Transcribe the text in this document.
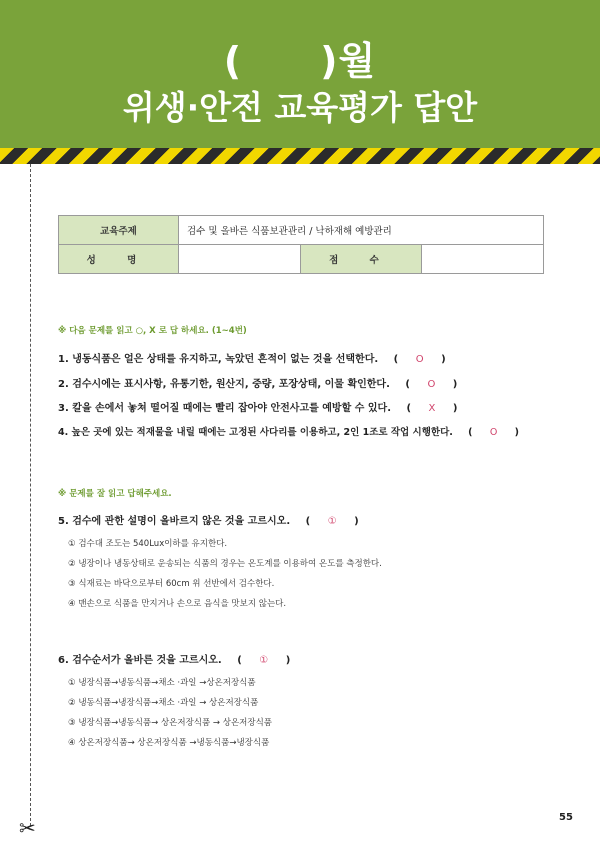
( )월
위생·안전 교육평가 답안
✂
교육주제	검수 및 올바른 식품보관관리 / 낙하재해 예방관리		
성 명		점 수	
※ 다음 문제를 읽고 ○, X 로 답 하세요. (1~4번)
1. 냉동식품은 얼은 상태를 유지하고, 녹았던 흔적이 없는 것을 선택한다. ( O )
2. 검수시에는 표시사항, 유통기한, 원산지, 중량, 포장상태, 이물 확인한다. ( O )
3. 칼을 손에서 놓쳐 떨어질 때에는 빨리 잡아야 안전사고를 예방할 수 있다. ( X )
4. 높은 곳에 있는 적재물을 내릴 때에는 고정된 사다리를 이용하고, 2인 1조로 작업 시행한다. ( O )
※ 문제를 잘 읽고 답해주세요.
5. 검수에 관한 설명이 올바르지 않은 것을 고르시오. ( ① )
① 검수대 조도는 540Lux이하를 유지한다.
② 냉장이나 냉동상태로 운송되는 식품의 경우는 온도계를 이용하여 온도를 측정한다.
③ 식재료는 바닥으로부터 60cm 위 선반에서 검수한다.
④ 맨손으로 식품을 만지거나 손으로 음식을 맛보지 않는다.
6. 검수순서가 올바른 것을 고르시오. ( ① )
① 냉장식품→냉동식품→채소 ·과일 →상온저장식품
② 냉동식품→냉장식품→채소 ·과일 → 상온저장식품
③ 냉장식품→냉동식품→ 상온저장식품 → 상온저장식품
④ 상온저장식품→ 상온저장식품 →냉동식품→냉장식품
55
